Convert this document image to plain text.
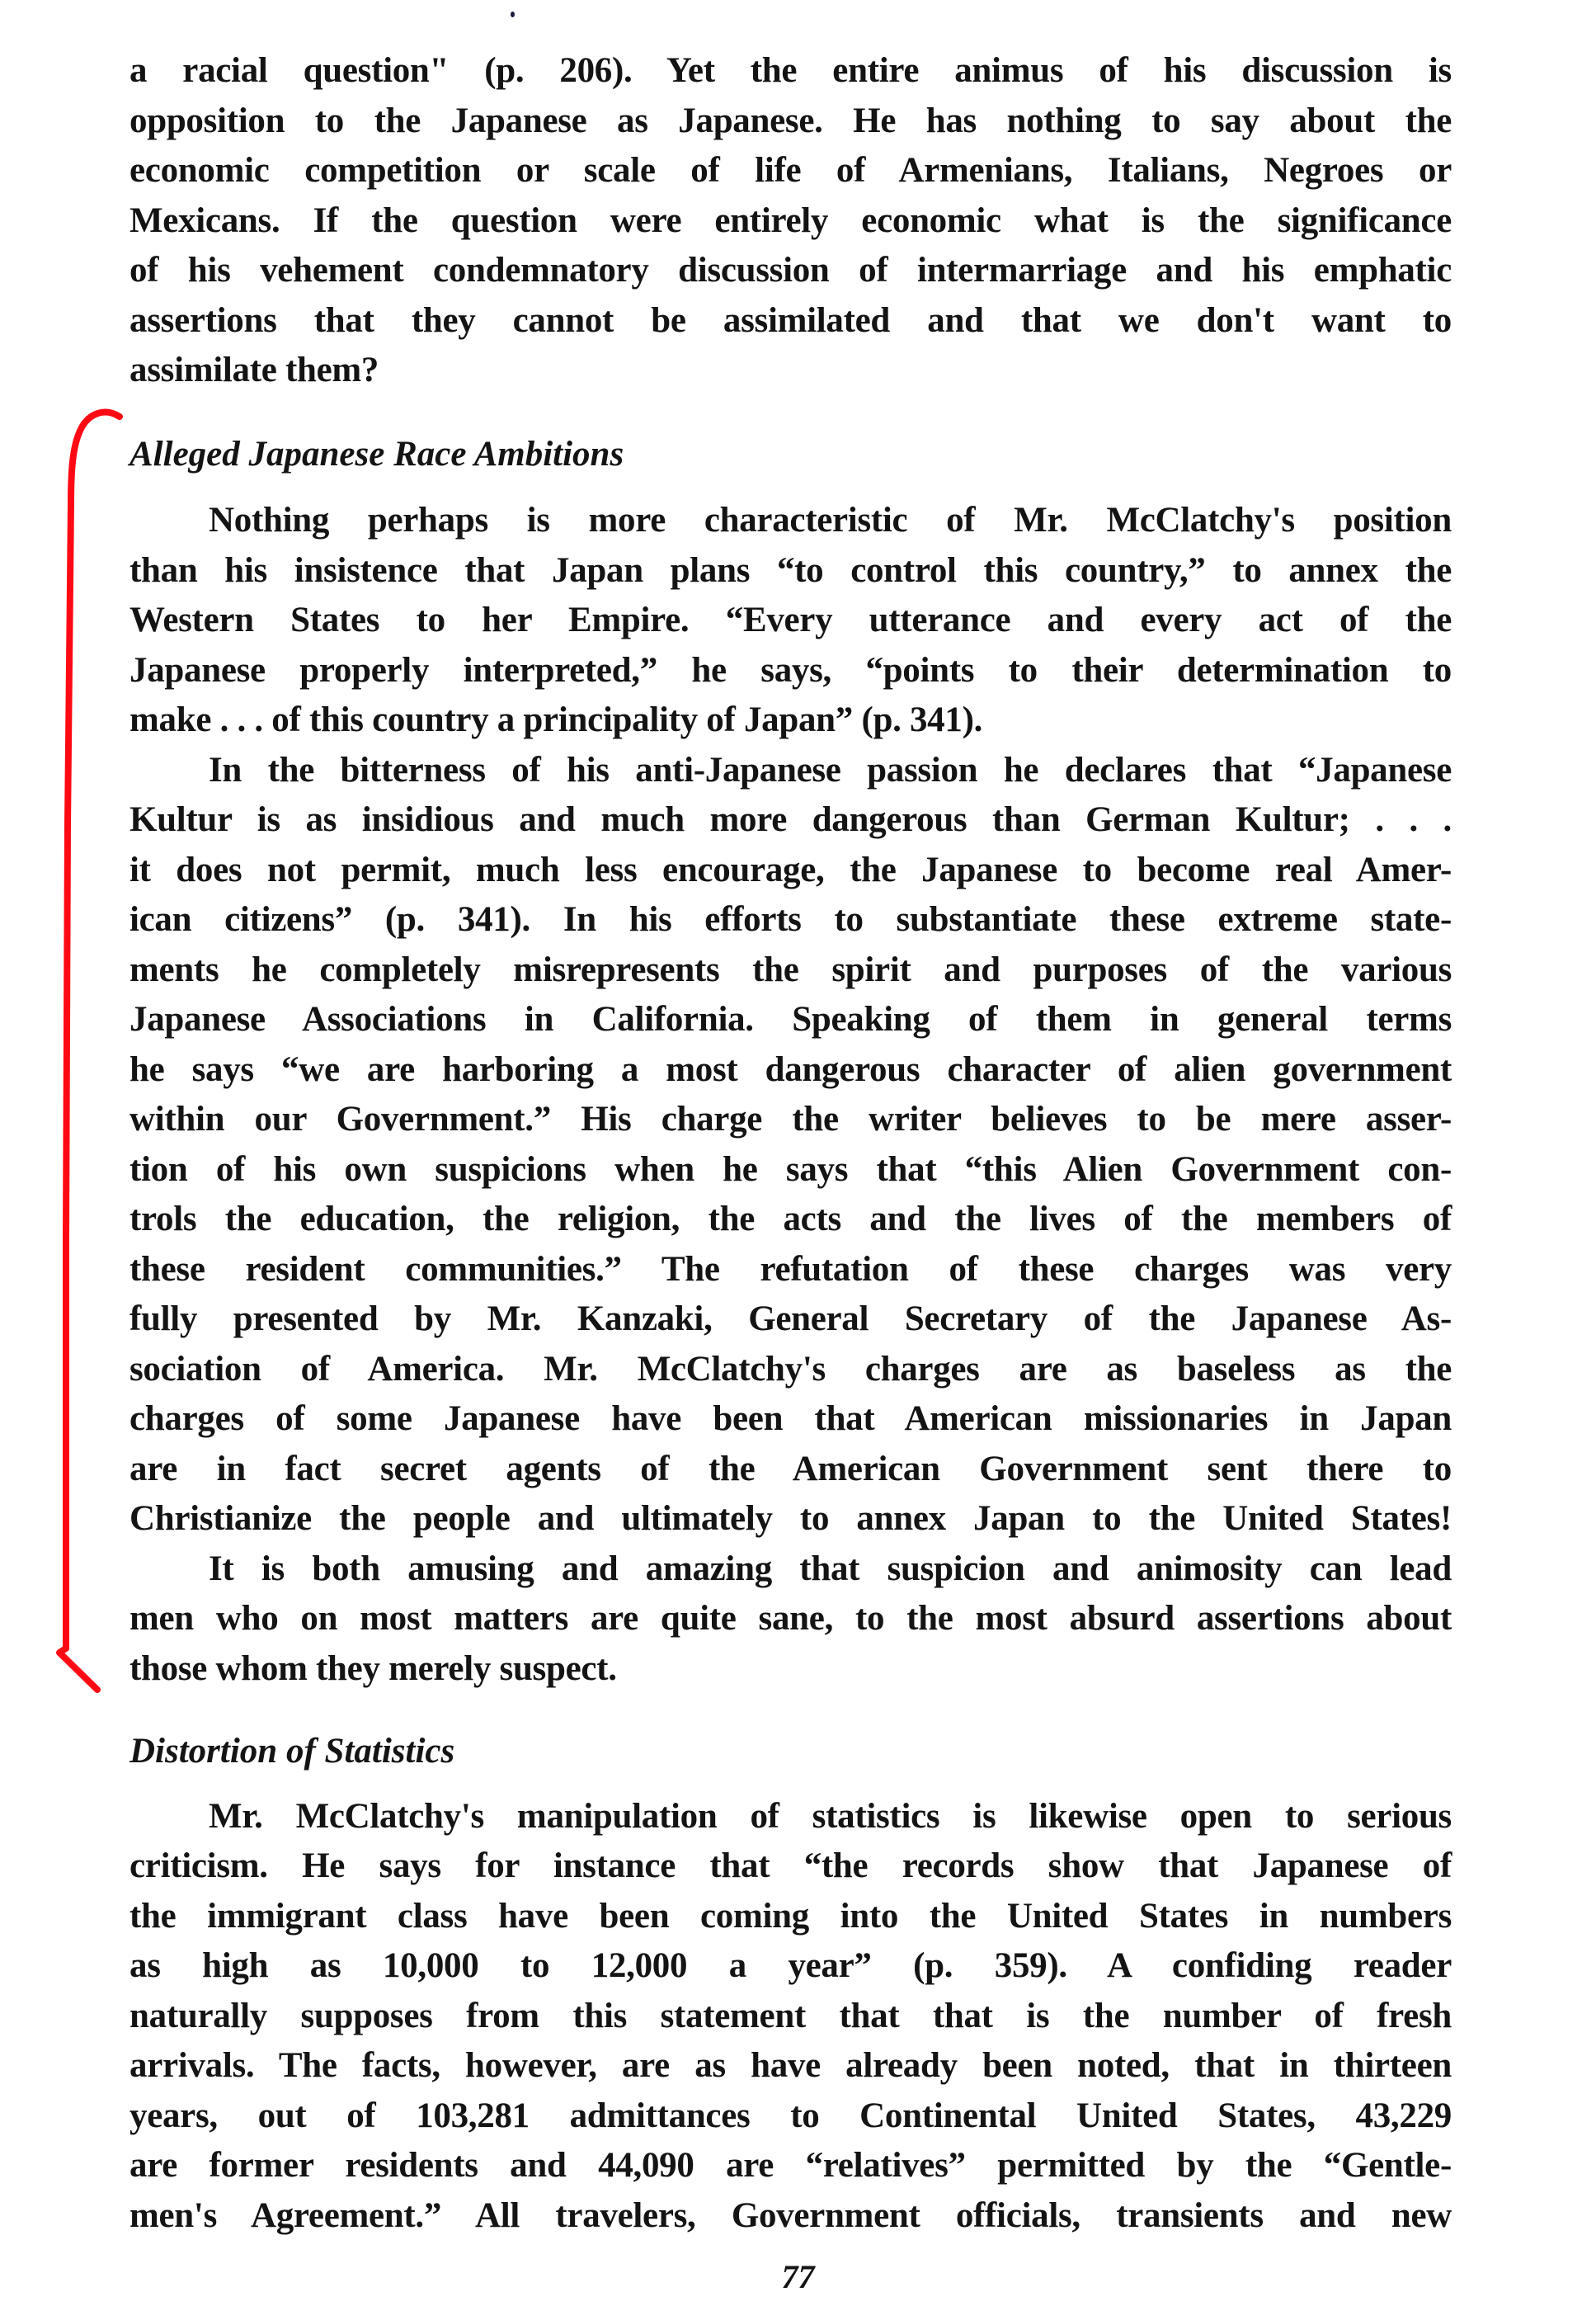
a racial question" (p. 206). Yet the entire animus of his discussion is
opposition to the Japanese as Japanese. He has nothing to say about the
economic competition or scale of life of Armenians, Italians, Negroes or
Mexicans. If the question were entirely economic what is the significance
of his vehement condemnatory discussion of intermarriage and his emphatic
assertions that they cannot be assimilated and that we don't want to
assimilate them?
Alleged Japanese Race Ambitions
Nothing perhaps is more characteristic of Mr. McClatchy's position
than his insistence that Japan plans “to control this country,” to annex the
Western States to her Empire. “Every utterance and every act of the
Japanese properly interpreted,” he says, “points to their determination to
make . . . of this country a principality of Japan” (p. 341).
In the bitterness of his anti-Japanese passion he declares that “Japanese
Kultur is as insidious and much more dangerous than German Kultur; . . .
it does not permit, much less encourage, the Japanese to become real Amer-
ican citizens” (p. 341). In his efforts to substantiate these extreme state-
ments he completely misrepresents the spirit and purposes of the various
Japanese Associations in California. Speaking of them in general terms
he says “we are harboring a most dangerous character of alien government
within our Government.” His charge the writer believes to be mere asser-
tion of his own suspicions when he says that “this Alien Government con-
trols the education, the religion, the acts and the lives of the members of
these resident communities.” The refutation of these charges was very
fully presented by Mr. Kanzaki, General Secretary of the Japanese As-
sociation of America. Mr. McClatchy's charges are as baseless as the
charges of some Japanese have been that American missionaries in Japan
are in fact secret agents of the American Government sent there to
Christianize the people and ultimately to annex Japan to the United States!
It is both amusing and amazing that suspicion and animosity can lead
men who on most matters are quite sane, to the most absurd assertions about
those whom they merely suspect.
Distortion of Statistics
Mr. McClatchy's manipulation of statistics is likewise open to serious
criticism. He says for instance that “the records show that Japanese of
the immigrant class have been coming into the United States in numbers
as high as 10,000 to 12,000 a year” (p. 359). A confiding reader
naturally supposes from this statement that that is the number of fresh
arrivals. The facts, however, are as have already been noted, that in thirteen
years, out of 103,281 admittances to Continental United States, 43,229
are former residents and 44,090 are “relatives” permitted by the “Gentle-
men's Agreement.” All travelers, Government officials, transients and new
77
